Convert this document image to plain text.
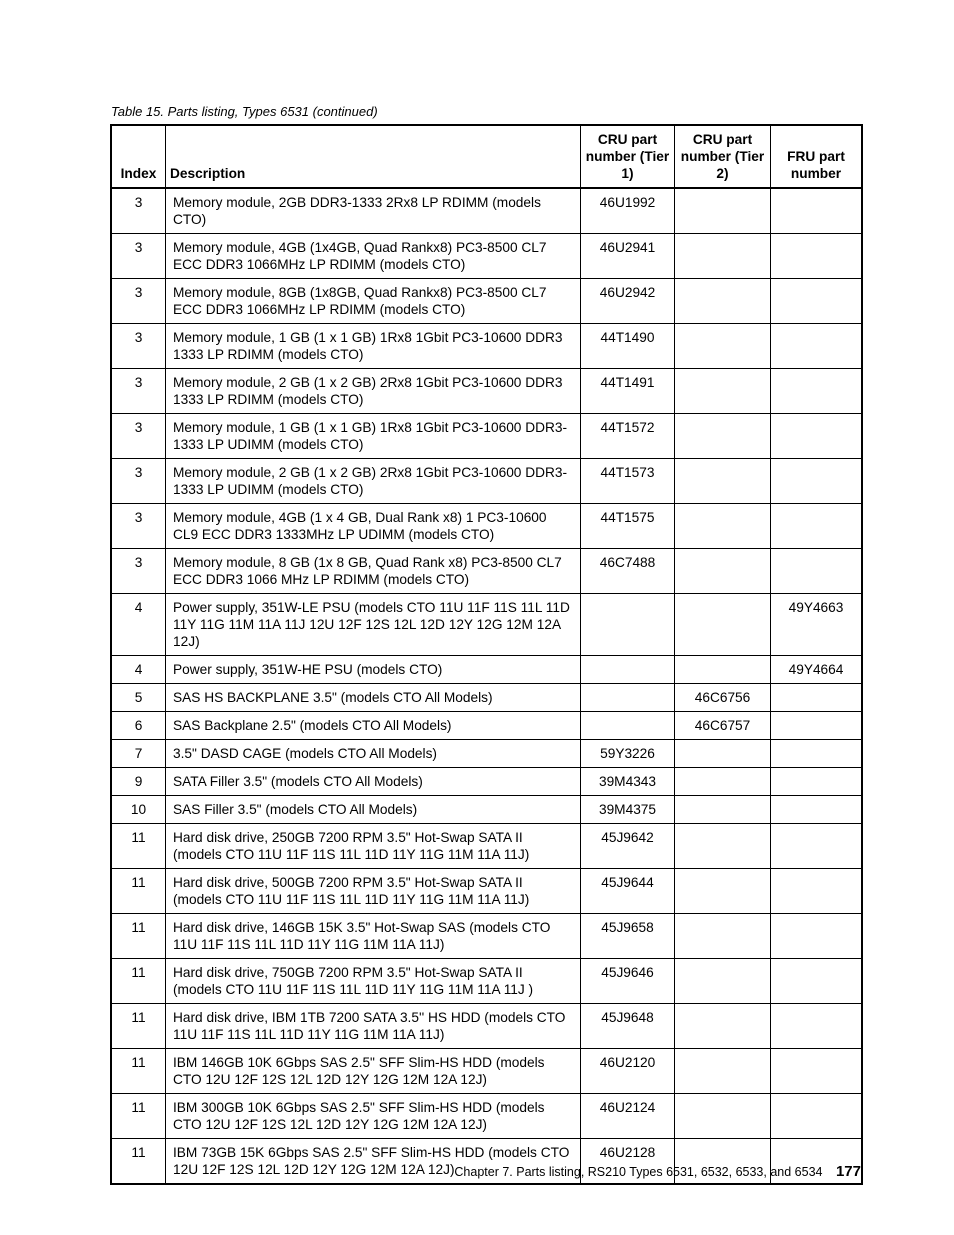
Table 15. Parts listing, Types 6531 (continued)
Index	Description	CRU part number (Tier 1)	CRU part number (Tier 2)	FRU part number
3	Memory module, 2GB DDR3-1333 2Rx8 LP RDIMM (models CTO)	46U1992		
3	Memory module, 4GB (1x4GB, Quad Rankx8) PC3-8500 CL7 ECC DDR3 1066MHz LP RDIMM (models CTO)	46U2941		
3	Memory module, 8GB (1x8GB, Quad Rankx8) PC3-8500 CL7 ECC DDR3 1066MHz LP RDIMM (models CTO)	46U2942		
3	Memory module, 1 GB (1 x 1 GB) 1Rx8 1Gbit PC3-10600 DDR3 1333 LP RDIMM (models CTO)	44T1490		
3	Memory module, 2 GB (1 x 2 GB) 2Rx8 1Gbit PC3-10600 DDR3 1333 LP RDIMM (models CTO)	44T1491		
3	Memory module, 1 GB (1 x 1 GB) 1Rx8 1Gbit PC3-10600 DDR3-1333 LP UDIMM (models CTO)	44T1572		
3	Memory module, 2 GB (1 x 2 GB) 2Rx8 1Gbit PC3-10600 DDR3-1333 LP UDIMM (models CTO)	44T1573		
3	Memory module, 4GB (1 x 4 GB, Dual Rank x8) 1 PC3-10600 CL9 ECC DDR3 1333MHz LP UDIMM (models CTO)	44T1575		
3	Memory module, 8 GB (1x 8 GB, Quad Rank x8) PC3-8500 CL7 ECC DDR3 1066 MHz LP RDIMM (models CTO)	46C7488		
4	Power supply, 351W-LE PSU (models CTO 11U 11F 11S 11L 11D 11Y 11G 11M 11A 11J 12U 12F 12S 12L 12D 12Y 12G 12M 12A 12J)			49Y4663
4	Power supply, 351W-HE PSU (models CTO)			49Y4664
5	SAS HS BACKPLANE 3.5" (models CTO All Models)		46C6756	
6	SAS Backplane 2.5" (models CTO All Models)		46C6757	
7	3.5" DASD CAGE (models CTO All Models)	59Y3226		
9	SATA Filler 3.5" (models CTO All Models)	39M4343		
10	SAS Filler 3.5" (models CTO All Models)	39M4375		
11	Hard disk drive, 250GB 7200 RPM 3.5" Hot-Swap SATA II (models CTO 11U 11F 11S 11L 11D 11Y 11G 11M 11A 11J)	45J9642		
11	Hard disk drive, 500GB 7200 RPM 3.5" Hot-Swap SATA II (models CTO 11U 11F 11S 11L 11D 11Y 11G 11M 11A 11J)	45J9644		
11	Hard disk drive, 146GB 15K 3.5" Hot-Swap SAS (models CTO 11U 11F 11S 11L 11D 11Y 11G 11M 11A 11J)	45J9658		
11	Hard disk drive, 750GB 7200 RPM 3.5" Hot-Swap SATA II (models CTO 11U 11F 11S 11L 11D 11Y 11G 11M 11A 11J )	45J9646		
11	Hard disk drive, IBM 1TB 7200 SATA 3.5'' HS HDD (models CTO 11U 11F 11S 11L 11D 11Y 11G 11M 11A 11J)	45J9648		
11	IBM 146GB 10K 6Gbps SAS 2.5" SFF Slim-HS HDD (models CTO 12U 12F 12S 12L 12D 12Y 12G 12M 12A 12J)	46U2120		
11	IBM 300GB 10K 6Gbps SAS 2.5" SFF Slim-HS HDD (models CTO 12U 12F 12S 12L 12D 12Y 12G 12M 12A 12J)	46U2124		
11	IBM 73GB 15K 6Gbps SAS 2.5" SFF Slim-HS HDD (models CTO 12U 12F 12S 12L 12D 12Y 12G 12M 12A 12J)	46U2128		
Chapter 7. Parts listing, RS210 Types 6531, 6532, 6533, and 6534 177
